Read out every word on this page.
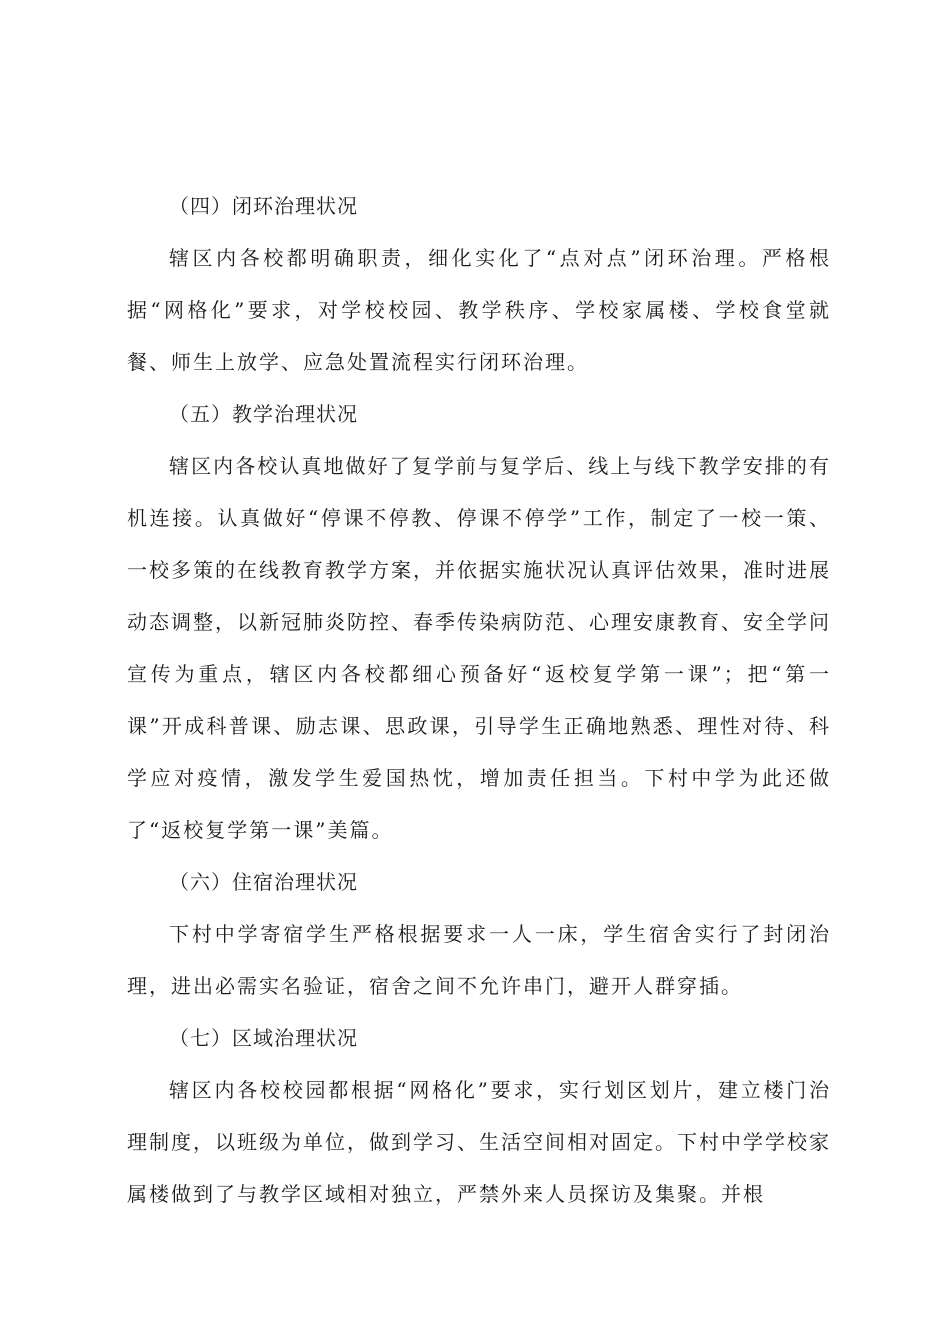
（四）闭环治理状况

辖区内各校都明确职责，细化实化了“点对点”闭环治理。严格根据“网格化”要求，对学校校园、教学秩序、学校家属楼、学校食堂就餐、师生上放学、应急处置流程实行闭环治理。

（五）教学治理状况

辖区内各校认真地做好了复学前与复学后、线上与线下教学安排的有机连接。认真做好“停课不停教、停课不停学”工作，制定了一校一策、一校多策的在线教育教学方案，并依据实施状况认真评估效果，准时进展动态调整，以新冠肺炎防控、春季传染病防范、心理安康教育、安全学问宣传为重点，辖区内各校都细心预备好“返校复学第一课”；把“第一课”开成科普课、励志课、思政课，引导学生正确地熟悉、理性对待、科学应对疫情，激发学生爱国热忱，增加责任担当。下村中学为此还做了“返校复学第一课”美篇。

（六）住宿治理状况

下村中学寄宿学生严格根据要求一人一床，学生宿舍实行了封闭治理，进出必需实名验证，宿舍之间不允许串门，避开人群穿插。

（七）区域治理状况

辖区内各校校园都根据“网格化”要求，实行划区划片，建立楼门治理制度，以班级为单位，做到学习、生活空间相对固定。下村中学学校家属楼做到了与教学区域相对独立，严禁外来人员探访及集聚。并根
